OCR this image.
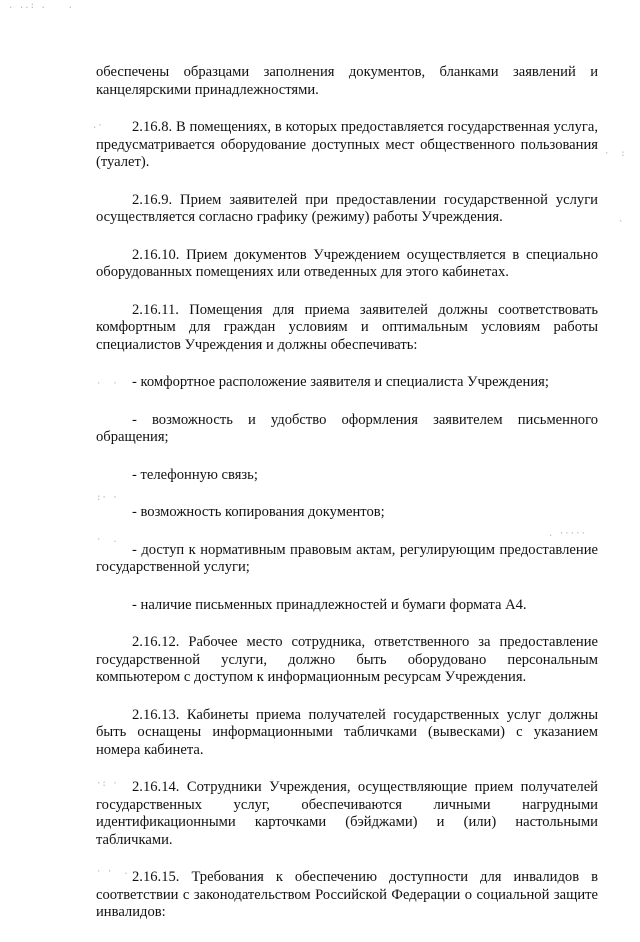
. ..: .    .
.·
·  :
·
·  ·
:· ·
. ·····
·  .
·: ·
· ·  .

обеспечены образцами заполнения документов, бланками заявлений и канцелярскими принадлежностями.

2.16.8. В помещениях, в которых предоставляется государственная услуга, предусматривается оборудование доступных мест общественного пользования (туалет).

2.16.9. Прием заявителей при предоставлении государственной услуги осуществляется согласно графику (режиму) работы Учреждения.

2.16.10. Прием документов Учреждением осуществляется в специально оборудованных помещениях или отведенных для этого кабинетах.

2.16.11. Помещения для приема заявителей должны соответствовать комфортным для граждан условиям и оптимальным условиям работы специалистов Учреждения и должны обеспечивать:

- комфортное расположение заявителя и специалиста Учреждения;

- возможность и удобство оформления заявителем письменного обращения;

- телефонную связь;

- возможность копирования документов;

- доступ к нормативным правовым актам, регулирующим предоставление государственной услуги;

- наличие письменных принадлежностей и бумаги формата А4.

2.16.12. Рабочее место сотрудника, ответственного за предоставление государственной услуги, должно быть оборудовано персональным компьютером с доступом к информационным ресурсам Учреждения.

2.16.13. Кабинеты приема получателей государственных услуг должны быть оснащены информационными табличками (вывесками) с указанием номера кабинета.

2.16.14. Сотрудники Учреждения, осуществляющие прием получателей государственных услуг, обеспечиваются личными нагрудными идентификационными карточками (бэйджами) и (или) настольными табличками.

2.16.15. Требования к обеспечению доступности для инвалидов в соответствии с законодательством Российской Федерации о социальной защите инвалидов:
